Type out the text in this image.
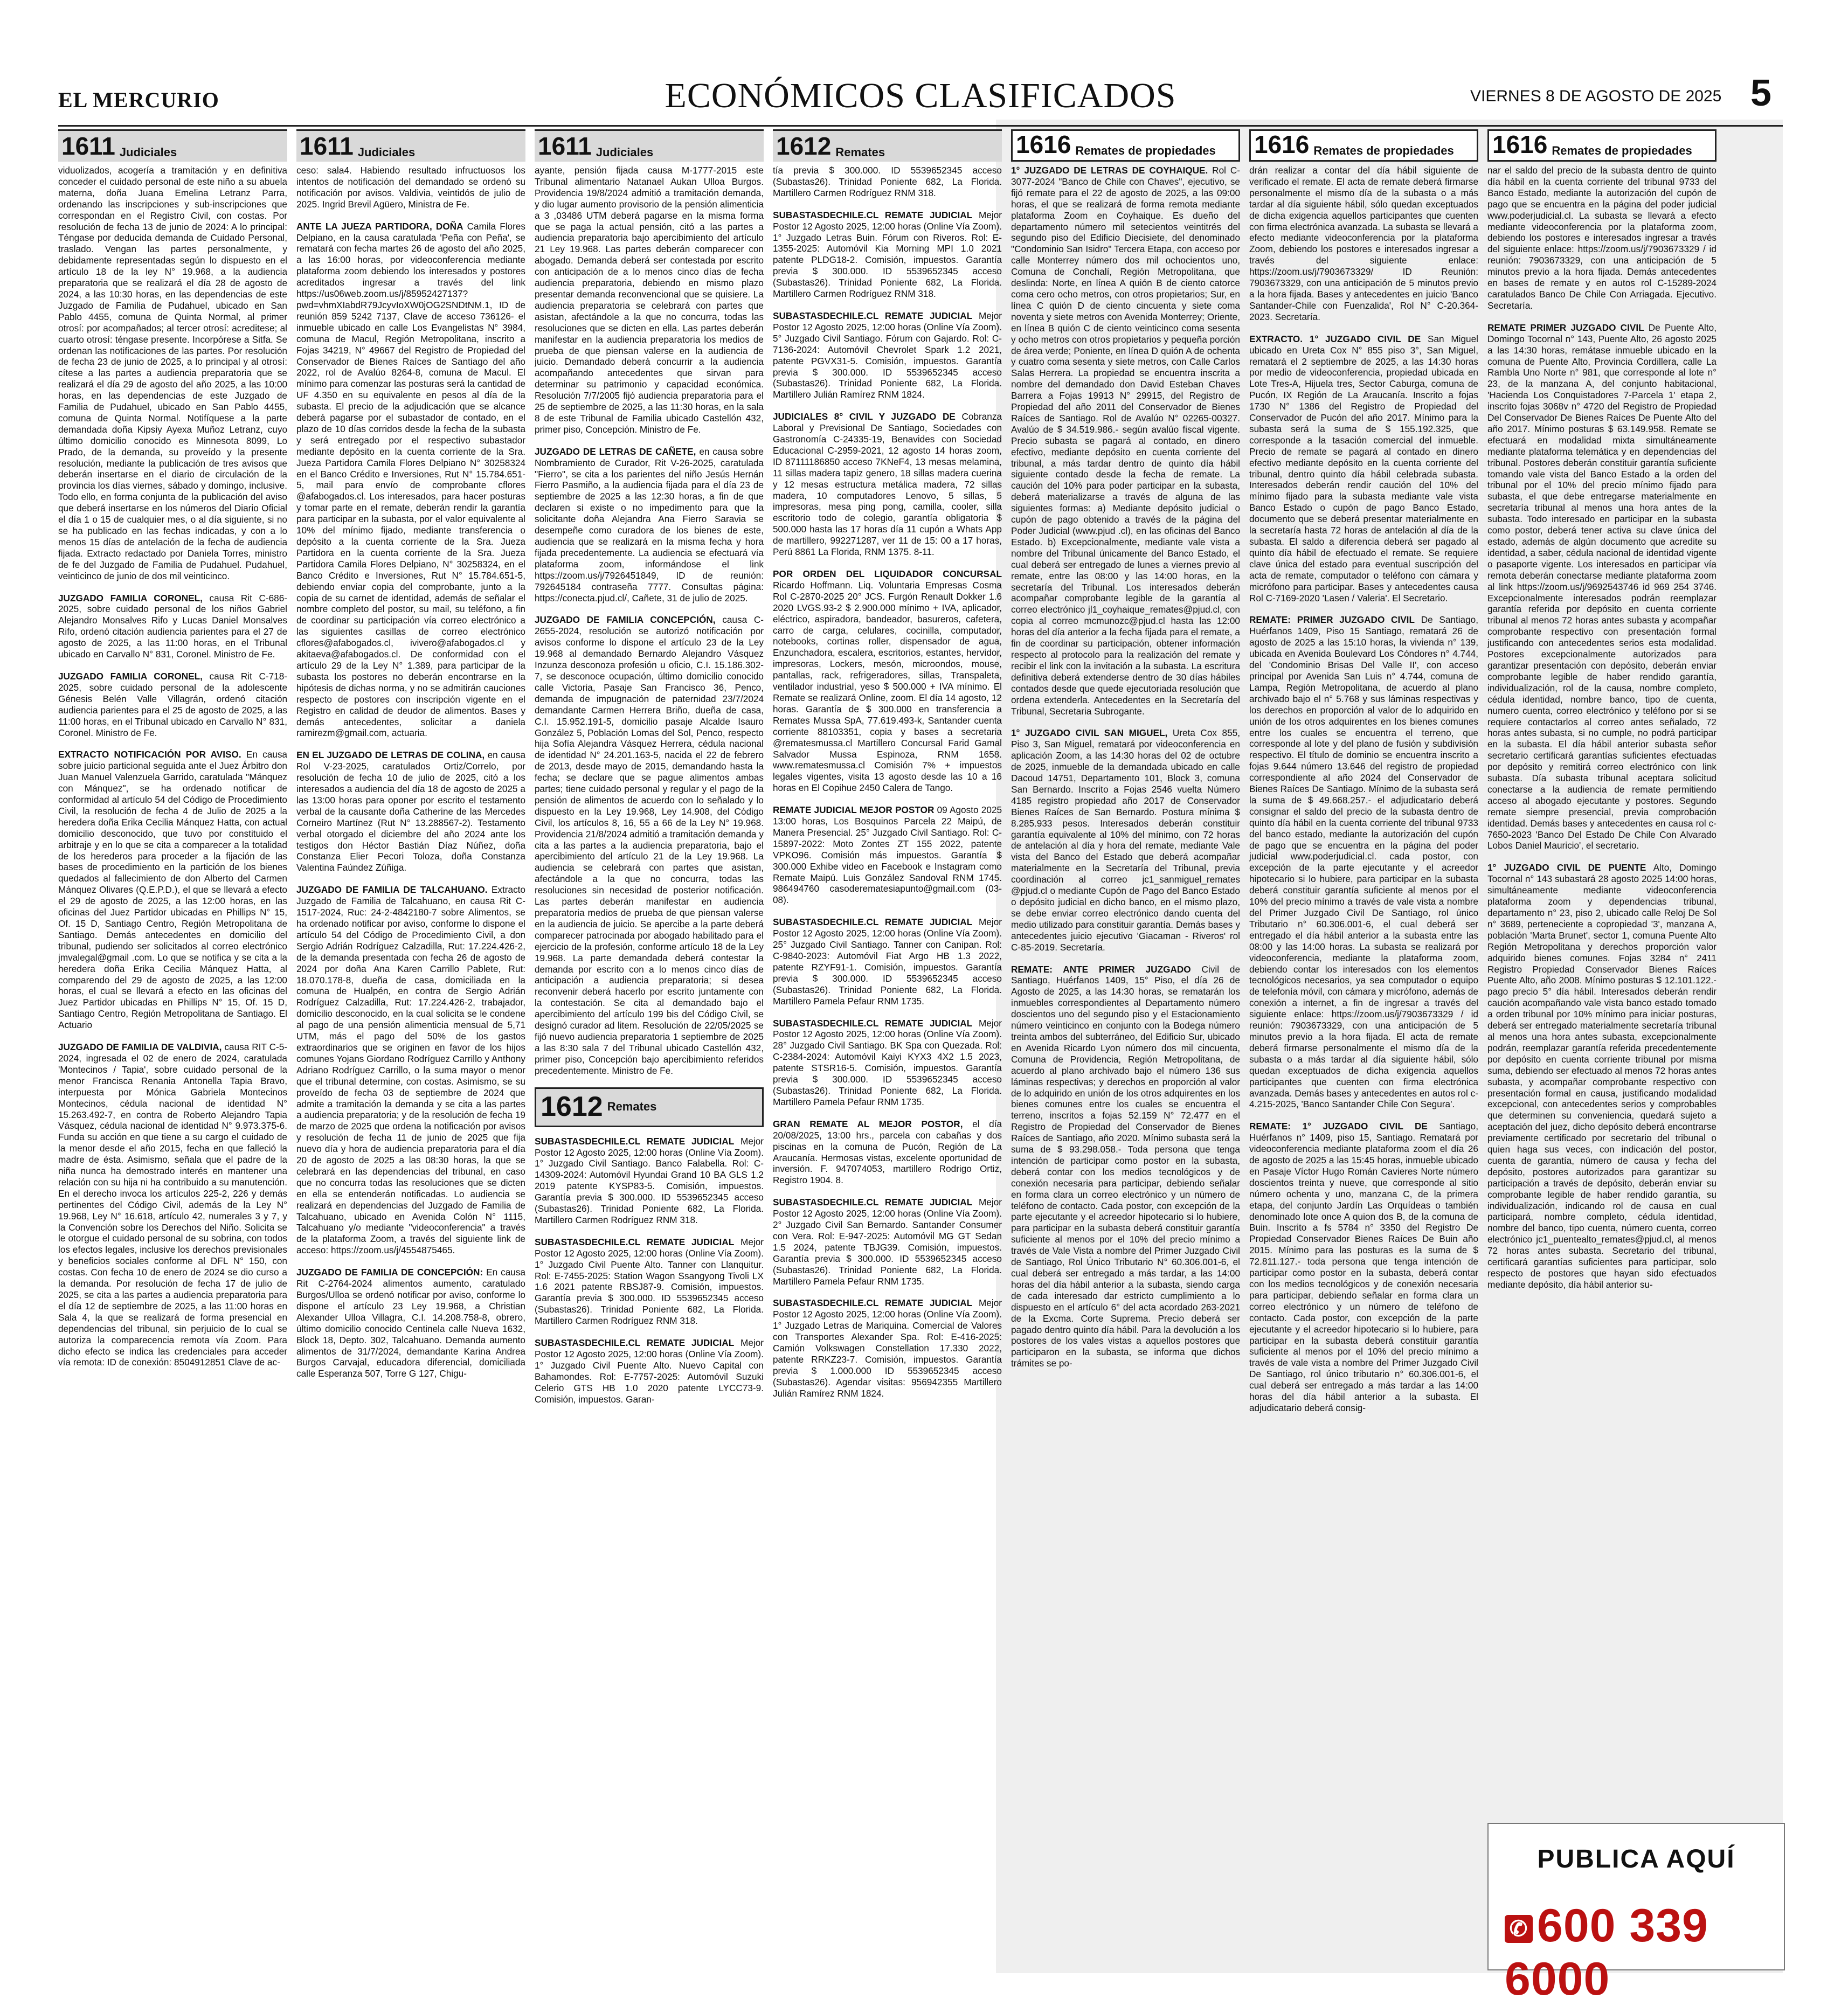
EL MERCURIO	ECONÓMICOS CLASIFICADOS	VIERNES 8 DE AGOSTO DE 2025 5
1611 Judiciales

viduolizados, acogería a tramitación y en definitiva conceder el cuidado personal de este niño a su abuela materna, doña Juana Emelina Letranz Parra, ordenando las inscripciones y sub-inscripciones que correspondan en el Registro Civil, con costas. Por resolución de fecha 13 de junio de 2024: A lo principal: Téngase por deducida demanda de Cuidado Personal, traslado. Vengan las partes personalmente, y debidamente representadas según lo dispuesto en el artículo 18 de la ley N° 19.968, a la audiencia preparatoria que se realizará el día 28 de agosto de 2024, a las 10:30 horas, en las dependencias de este Juzgado de Familia de Pudahuel, ubicado en San Pablo 4455, comuna de Quinta Normal, al primer otrosí: por acompañados; al tercer otrosí: acreditese; al cuarto otrosí: téngase presente. Incorpórese a Sitfa. Se ordenan las notificaciones de las partes. Por resolución de fecha 23 de junio de 2025, a lo principal y al otrosí: cítese a las partes a audiencia preparatoria que se realizará el día 29 de agosto del año 2025, a las 10:00 horas, en las dependencias de este Juzgado de Familia de Pudahuel, ubicado en San Pablo 4455, comuna de Quinta Normal. Notifíquese a la parte demandada doña Kipsiy Ayexa Muñoz Letranz, cuyo último domicilio conocido es Minnesota 8099, Lo Prado, de la demanda, su proveído y la presente resolución, mediante la publicación de tres avisos que deberán insertarse en el diario de circulación de la provincia los días viernes, sábado y domingo, inclusive. Todo ello, en forma conjunta de la publicación del aviso que deberá insertarse en los números del Diario Oficial el día 1 o 15 de cualquier mes, o al día siguiente, si no se ha publicado en las fechas indicadas, y con a lo menos 15 días de antelación de la fecha de audiencia fijada. Extracto redactado por Daniela Torres, ministro de fe del Juzgado de Familia de Pudahuel. Pudahuel, veinticinco de junio de dos mil veinticinco.

JUZGADO FAMILIA CORONEL, causa Rit C-686-2025, sobre cuidado personal de los niños Gabriel Alejandro Monsalves Rifo y Lucas Daniel Monsalves Rifo, ordenó citación audiencia parientes para el 27 de agosto de 2025, a las 11:00 horas, en el Tribunal ubicado en Carvallo N° 831, Coronel. Ministro de Fe.

JUZGADO FAMILIA CORONEL, causa Rit C-718-2025, sobre cuidado personal de la adolescente Génesis Belén Valle Villagrán, ordenó citación audiencia parientes para el 25 de agosto de 2025, a las 11:00 horas, en el Tribunal ubicado en Carvallo N° 831, Coronel. Ministro de Fe.

EXTRACTO NOTIFICACIÓN POR AVISO. En causa sobre juicio particional seguida ante el Juez Árbitro don Juan Manuel Valenzuela Garrido, caratulada "Mánquez con Mánquez", se ha ordenado notificar de conformidad al artículo 54 del Código de Procedimiento Civil, la resolución de fecha 4 de Julio de 2025 a la heredera doña Erika Cecilia Mánquez Hatta, con actual domicilio desconocido, que tuvo por constituido el arbitraje y en lo que se cita a comparecer a la totalidad de los herederos para proceder a la fijación de las bases de procedimiento en la partición de los bienes quedados al fallecimiento de don Alberto del Carmen Mánquez Olivares (Q.E.P.D.), el que se llevará a efecto el 29 de agosto de 2025, a las 12:00 horas, en las oficinas del Juez Partidor ubicadas en Phillips N° 15, Of. 15 D, Santiago Centro, Región Metropolitana de Santiago. Demás antecedentes en domicilio del tribunal, pudiendo ser solicitados al correo electrónico jmvalegal@gmail .com. Lo que se notifica y se cita a la heredera doña Erika Cecilia Mánquez Hatta, al comparendo del 29 de agosto de 2025, a las 12:00 horas, el cual se llevará a efecto en las oficinas del Juez Partidor ubicadas en Phillips N° 15, Of. 15 D, Santiago Centro, Región Metropolitana de Santiago. El Actuario

JUZGADO DE FAMILIA DE VALDIVIA, causa RIT C-5-2024, ingresada el 02 de enero de 2024, caratulada 'Montecinos / Tapia', sobre cuidado personal de la menor Francisca Renania Antonella Tapia Bravo, interpuesta por Mónica Gabriela Montecinos Montecinos, cédula nacional de identidad N° 15.263.492-7, en contra de Roberto Alejandro Tapia Vásquez, cédula nacional de identidad N° 9.973.375-6. Funda su acción en que tiene a su cargo el cuidado de la menor desde el año 2015, fecha en que falleció la madre de ésta. Asimismo, señala que el padre de la niña nunca ha demostrado interés en mantener una relación con su hija ni ha contribuido a su manutención. En el derecho invoca los artículos 225-2, 226 y demás pertinentes del Código Civil, además de la Ley N° 19.968, Ley N° 16.618, artículo 42, numerales 3 y 7, y la Convención sobre los Derechos del Niño. Solicita se le otorgue el cuidado personal de su sobrina, con todos los efectos legales, inclusive los derechos previsionales y beneficios sociales conforme al DFL N° 150, con costas. Con fecha 10 de enero de 2024 se dio curso a la demanda. Por resolución de fecha 17 de julio de 2025, se cita a las partes a audiencia preparatoria para el día 12 de septiembre de 2025, a las 11:00 horas en Sala 4, la que se realizará de forma presencial en dependencias del tribunal, sin perjuicio de lo cual se autoriza la comparecencia remota vía Zoom. Para dicho efecto se indica las credenciales para acceder vía remota: ID de conexión: 8504912851 Clave de ac-

1611 Judiciales

ceso: sala4. Habiendo resultado infructuosos los intentos de notificación del demandado se ordenó su notificación por avisos. Valdivia, veintidós de julio de 2025. Ingrid Brevil Agüero, Ministra de Fe.

ANTE LA JUEZA PARTIDORA, DOÑA Camila Flores Delpiano, en la causa caratulada 'Peña con Peña', se rematará con fecha martes 26 de agosto del año 2025, a las 16:00 horas, por videoconferencia mediante plataforma zoom debiendo los interesados y postores acreditados ingresar a través del link https://us06web.zoom.us/j/85952427137?pwd=vhmXIabdR79JcyvIoXW0jOG2SNDtNM.1, ID de reunión 859 5242 7137, Clave de acceso 736126- el inmueble ubicado en calle Los Evangelistas N° 3984, comuna de Macul, Región Metropolitana, inscrito a Fojas 34219, N° 49667 del Registro de Propiedad del Conservador de Bienes Raíces de Santiago del año 2022, rol de Avalúo 8264-8, comuna de Macul. El mínimo para comenzar las posturas será la cantidad de UF 4.350 en su equivalente en pesos al día de la subasta. El precio de la adjudicación que se alcance deberá pagarse por el subastador de contado, en el plazo de 10 días corridos desde la fecha de la subasta y será entregado por el respectivo subastador mediante depósito en la cuenta corriente de la Sra. Jueza Partidora Camila Flores Delpiano N° 30258324 en el Banco Crédito e Inversiones, Rut N° 15.784.651-5, mail para envío de comprobante cflores @afabogados.cl. Los interesados, para hacer posturas y tomar parte en el remate, deberán rendir la garantía para participar en la subasta, por el valor equivalente al 10% del mínimo fijado, mediante transferencia o depósito a la cuenta corriente de la Sra. Jueza Partidora en la cuenta corriente de la Sra. Jueza Partidora Camila Flores Delpiano, N° 30258324, en el Banco Crédito e Inversiones, Rut N° 15.784.651-5, debiendo enviar copia del comprobante, junto a la copia de su carnet de identidad, además de señalar el nombre completo del postor, su mail, su teléfono, a fin de coordinar su participación vía correo electrónico a las siguientes casillas de correo electrónico cflores@afabogados.cl, ivivero@afabogados.cl y akitaeva@afabogados.cl. De conformidad con el artículo 29 de la Ley N° 1.389, para participar de la subasta los postores no deberán encontrarse en la hipótesis de dichas norma, y no se admitirán cauciones respecto de postores con inscripción vigente en el Registro en calidad de deudor de alimentos. Bases y demás antecedentes, solicitar a daniela ramirezm@gmail.com, actuaria.

EN EL JUZGADO DE LETRAS DE COLINA, en causa Rol V-23-2025, caratulados Ortiz/Correlo, por resolución de fecha 10 de julio de 2025, citó a los interesados a audiencia del día 18 de agosto de 2025 a las 13:00 horas para oponer por escrito el testamento verbal de la causante doña Catherine de las Mercedes Corneiro Martínez (Rut N° 13.288567-2). Testamento verbal otorgado el diciembre del año 2024 ante los testigos don Héctor Bastián Díaz Núñez, doña Constanza Elier Pecori Toloza, doña Constanza Valentina Faúndez Zúñiga.

JUZGADO DE FAMILIA DE TALCAHUANO. Extracto Juzgado de Familia de Talcahuano, en causa Rit C-1517-2024, Ruc: 24-2-4842180-7 sobre Alimentos, se ha ordenado notificar por aviso, conforme lo dispone el artículo 54 del Código de Procedimiento Civil, a don Sergio Adrián Rodríguez Calzadilla, Rut: 17.224.426-2, de la demanda presentada con fecha 26 de agosto de 2024 por doña Ana Karen Carrillo Pablete, Rut: 18.070.178-8, dueña de casa, domiciliada en la comuna de Hualpén, en contra de Sergio Adrián Rodríguez Calzadilla, Rut: 17.224.426-2, trabajador, domicilio desconocido, en la cual solicita se le condene al pago de una pensión alimenticia mensual de 5,71 UTM, más el pago del 50% de los gastos extraordinarios que se originen en favor de los hijos comunes Yojans Giordano Rodríguez Carrillo y Anthony Adriano Rodríguez Carrillo, o la suma mayor o menor que el tribunal determine, con costas. Asimismo, se su proveído de fecha 03 de septiembre de 2024 que admite a tramitación la demanda y se cita a las partes a audiencia preparatoria; y de la resolución de fecha 19 de marzo de 2025 que ordena la notificación por avisos y resolución de fecha 11 de junio de 2025 que fija nuevo día y hora de audiencia preparatoria para el día 20 de agosto de 2025 a las 08:30 horas, la que se celebrará en las dependencias del tribunal, en caso que no concurra todas las resoluciones que se dicten en ella se entenderán notificadas. Lo audiencia se realizará en dependencias del Juzgado de Familia de Talcahuano, ubicado en Avenida Colón N° 1115, Talcahuano y/o mediante "videoconferencia" a través de la plataforma Zoom, a través del siguiente link de acceso: https://zoom.us/j/4554875465.

JUZGADO DE FAMILIA DE CONCEPCIÓN: En causa Rit C-2764-2024 alimentos aumento, caratulado Burgos/Ulloa se ordenó notificar por aviso, conforme lo dispone el artículo 23 Ley 19.968, a Christian Alexander Ulloa Villagra, C.I. 14.208.758-8, obrero, último domicilio conocido Centinela calle Nueva 1632, Block 18, Depto. 302, Talcahuano. Demanda aumento alimentos de 31/7/2024, demandante Karina Andrea Burgos Carvajal, educadora diferencial, domiciliada calle Esperanza 507, Torre G 127, Chigu-

1611 Judiciales

ayante, pensión fijada causa M-1777-2015 este Tribunal alimentario Natanael Aukan Ulloa Burgos. Providencia 19/8/2024 admitió a tramitación demanda, y dio lugar aumento provisorio de la pensión alimenticia a 3 ,03486 UTM deberá pagarse en la misma forma que se paga la actual pensión, citó a las partes a audiencia preparatoria bajo apercibimiento del artículo 21 Ley 19.968. Las partes deberán comparecer con abogado. Demanda deberá ser contestada por escrito con anticipación de a lo menos cinco días de fecha audiencia preparatoria, debiendo en mismo plazo presentar demanda reconvencional que se quisiere. La audiencia preparatoria se celebrará con partes que asistan, afectándole a la que no concurra, todas las resoluciones que se dicten en ella. Las partes deberán manifestar en la audiencia preparatoria los medios de prueba de que piensan valerse en la audiencia de juicio. Demandado deberá concurrir a la audiencia acompañando antecedentes que sirvan para determinar su patrimonio y capacidad económica. Resolución 7/7/2005 fijó audiencia preparatoria para el 25 de septiembre de 2025, a las 11:30 horas, en la sala 8 de este Tribunal de Familia ubicado Castellón 432, primer piso, Concepción. Ministro de Fe.

JUZGADO DE LETRAS DE CAÑETE, en causa sobre Nombramiento de Curador, Rit V-26-2025, caratulada "Fierro", se cita a los parientes del niño Jesús Hernán Fierro Pasmiño, a la audiencia fijada para el día 23 de septiembre de 2025 a las 12:30 horas, a fin de que declaren si existe o no impedimento para que la solicitante doña Alejandra Ana Fierro Saravia se desempeñe como curadora de los bienes de este, audiencia que se realizará en la misma fecha y hora fijada precedentemente. La audiencia se efectuará vía plataforma zoom, informándose el link https://zoom.us/j/7926451849, ID de reunión: 792645184 contraseña 7777. Consultas página: https://conecta.pjud.cl/, Cañete, 31 de julio de 2025.

JUZGADO DE FAMILIA CONCEPCIÓN, causa C-2655-2024, resolución se autorizó notificación por avisos conforme lo dispone el artículo 23 de la Ley 19.968 al demandado Bernardo Alejandro Vásquez Inzunza desconoza profesión u oficio, C.I. 15.186.302-7, se desconoce ocupación, último domicilio conocido calle Victoria, Pasaje San Francisco 36, Penco, demanda de impugnación de paternidad 23/7/2024 demandante Carmen Herrera Briño, dueña de casa, C.I. 15.952.191-5, domicilio pasaje Alcalde Isauro González 5, Población Lomas del Sol, Penco, respecto hija Sofía Alejandra Vásquez Herrera, cédula nacional de identidad N° 24.201.163-5, nacida el 22 de febrero de 2013, desde mayo de 2015, demandando hasta la fecha; se declare que se pague alimentos ambas partes; tiene cuidado personal y regular y el pago de la pensión de alimentos de acuerdo con lo señalado y lo dispuesto en la Ley 19.968, Ley 14.908, del Código Civil, los artículos 8, 16, 55 a 66 de la Ley N° 19.968. Providencia 21/8/2024 admitió a tramitación demanda y cita a las partes a la audiencia preparatoria, bajo el apercibimiento del artículo 21 de la Ley 19.968. La audiencia se celebrará con partes que asistan, afectándole a la que no concurra, todas las resoluciones sin necesidad de posterior notificación. Las partes deberán manifestar en audiencia preparatoria medios de prueba de que piensan valerse en la audiencia de juicio. Se apercibe a la parte deberá comparecer patrocinada por abogado habilitado para el ejercicio de la profesión, conforme artículo 18 de la Ley 19.968. La parte demandada deberá contestar la demanda por escrito con a lo menos cinco días de anticipación a audiencia preparatoria; si desea reconvenir deberá hacerlo por escrito juntamente con la contestación. Se cita al demandado bajo el apercibimiento del artículo 199 bis del Código Civil, se designó curador ad litem. Resolución de 22/05/2025 se fijó nuevo audiencia preparatoria 1 septiembre de 2025 a las 8:30 sala 7 del Tribunal ubicado Castellón 432, primer piso, Concepción bajo apercibimiento referidos precedentemente. Ministro de Fe.

1612 Remates

SUBASTASDECHILE.CL REMATE JUDICIAL Mejor Postor 12 Agosto 2025, 12:00 horas (Online Vía Zoom). 1° Juzgado Civil Santiago. Banco Falabella. Rol: C-14309-2024: Automóvil Hyundai Grand 10 BA GLS 1.2 2019 patente KYSP83-5. Comisión, impuestos. Garantía previa $ 300.000. ID 5539652345 acceso (Subastas26). Trinidad Poniente 682, La Florida. Martillero Carmen Rodríguez RNM 318.

SUBASTASDECHILE.CL REMATE JUDICIAL Mejor Postor 12 Agosto 2025, 12:00 horas (Online Vía Zoom). 1° Juzgado Civil Puente Alto. Tanner con Llanquitur. Rol: E-7455-2025: Station Wagon Ssangyong Tivoli LX 1.6 2021 patente RBSJ87-9. Comisión, impuestos. Garantía previa $ 300.000. ID 5539652345 acceso (Subastas26). Trinidad Poniente 682, La Florida. Martillero Carmen Rodríguez RNM 318.

SUBASTASDECHILE.CL REMATE JUDICIAL Mejor Postor 12 Agosto 2025, 12:00 horas (Online Vía Zoom). 1° Juzgado Civil Puente Alto. Nuevo Capital con Bahamondes. Rol: E-7757-2025: Automóvil Suzuki Celerio GTS HB 1.0 2020 patente LYCC73-9. Comisión, impuestos. Garan-

1612 Remates

tía previa $ 300.000. ID 5539652345 acceso (Subastas26). Trinidad Poniente 682, La Florida. Martillero Carmen Rodríguez RNM 318.

SUBASTASDECHILE.CL REMATE JUDICIAL Mejor Postor 12 Agosto 2025, 12:00 horas (Online Vía Zoom). 1° Juzgado Letras Buin. Fórum con Riveros. Rol: E-1355-2025: Automóvil Kia Morning MPI 1.0 2021 patente PLDG18-2. Comisión, impuestos. Garantía previa $ 300.000. ID 5539652345 acceso (Subastas26). Trinidad Poniente 682, La Florida. Martillero Carmen Rodríguez RNM 318.

SUBASTASDECHILE.CL REMATE JUDICIAL Mejor Postor 12 Agosto 2025, 12:00 horas (Online Vía Zoom). 5° Juzgado Civil Santiago. Fórum con Gajardo. Rol: C-7136-2024: Automóvil Chevrolet Spark 1.2 2021, patente PGVX31-5. Comisión, impuestos. Garantía previa $ 300.000. ID 5539652345 acceso (Subastas26). Trinidad Poniente 682, La Florida. Martillero Julián Ramírez RNM 1824.

JUDICIALES 8° CIVIL Y JUZGADO DE Cobranza Laboral y Previsional De Santiago, Sociedades con Gastronomía C-24335-19, Benavides con Sociedad Educacional C-2959-2021, 12 agosto 14 horas zoom, ID 87111186850 acceso 7KNeF4, 13 mesas melamina, 11 sillas madera tapiz genero, 18 sillas madera cuerina y 12 mesas estructura metálica madera, 72 sillas madera, 10 computadores Lenovo, 5 sillas, 5 impresoras, mesa ping pong, camilla, cooler, silla escritorio todo de colegio, garantía obligatoria $ 500.000 hasta las 17 horas día 11 cupón a Whats App de martillero, 992271287, ver 11 de 15: 00 a 17 horas, Perú 8861 La Florida, RNM 1375. 8-11.

POR ORDEN DEL LIQUIDADOR CONCURSAL Ricardo Hoffmann. Liq. Voluntaria Empresas Cosma Rol C-2870-2025 20° JCS. Furgón Renault Dokker 1.6 2020 LVGS.93-2 $ 2.900.000 mínimo + IVA, aplicador, eléctrico, aspiradora, bandeador, basureros, cafetera, carro de carga, celulares, cocinilla, computador, notebooks, cortinas roller, dispensador de agua, Enzunchadora, escalera, escritorios, estantes, hervidor, impresoras, Lockers, mesón, microondos, mouse, pantallas, rack, refrigeradores, sillas, Transpaleta, ventilador industrial, yeso $ 500.000 + IVA mínimo. El Remate se realizará Online, zoom. El día 14 agosto, 12 horas. Garantía de $ 300.000 en transferencia a Remates Mussa SpA, 77.619.493-k, Santander cuenta corriente 88103351, copia y bases a secretaria @rematesmussa.cl Martillero Concursal Farid Gamal Salvador Mussa Espinoza, RNM 1658. www.rematesmussa.cl Comisión 7% + impuestos legales vigentes, visita 13 agosto desde las 10 a 16 horas en El Copihue 2450 Calera de Tango.

REMATE JUDICIAL MEJOR POSTOR 09 Agosto 2025 13:00 horas, Los Bosquinos Parcela 22 Maipú, de Manera Presencial. 25° Juzgado Civil Santiago. Rol: C-15897-2022: Moto Zontes ZT 155 2022, patente VPKO96. Comisión más impuestos. Garantía $ 300.000 Exhibe video en Facebook e Instagram como Remate Maipú. Luis González Sandoval RNM 1745. 986494760 casoderematesiapunto@gmail.com (03-08).

SUBASTASDECHILE.CL REMATE JUDICIAL Mejor Postor 12 Agosto 2025, 12:00 horas (Online Vía Zoom). 25° Juzgado Civil Santiago. Tanner con Canipan. Rol: C-9840-2023: Automóvil Fiat Argo HB 1.3 2022, patente RZYF91-1. Comisión, impuestos. Garantía previa $ 300.000. ID 5539652345 acceso (Subastas26). Trinidad Poniente 682, La Florida. Martillero Pamela Pefaur RNM 1735.

SUBASTASDECHILE.CL REMATE JUDICIAL Mejor Postor 12 Agosto 2025, 12:00 horas (Online Vía Zoom). 28° Juzgado Civil Santiago. BK Spa con Quezada. Rol: C-2384-2024: Automóvil Kaiyi KYX3 4X2 1.5 2023, patente STSR16-5. Comisión, impuestos. Garantía previa $ 300.000. ID 5539652345 acceso (Subastas26). Trinidad Poniente 682, La Florida. Martillero Pamela Pefaur RNM 1735.

GRAN REMATE AL MEJOR POSTOR, el día 20/08/2025, 13:00 hrs., parcela con cabañas y dos piscinas en la comuna de Pucón, Región de La Araucanía. Hermosas vistas, excelente oportunidad de inversión. F. 947074053, martillero Rodrigo Ortiz, Registro 1904. 8.

SUBASTASDECHILE.CL REMATE JUDICIAL Mejor Postor 12 Agosto 2025, 12:00 horas (Online Vía Zoom). 2° Juzgado Civil San Bernardo. Santander Consumer con Vera. Rol: E-947-2025: Automóvil MG GT Sedan 1.5 2024, patente TBJG39. Comisión, impuestos. Garantía previa $ 300.000. ID 5539652345 acceso (Subastas26). Trinidad Poniente 682, La Florida. Martillero Pamela Pefaur RNM 1735.

SUBASTASDECHILE.CL REMATE JUDICIAL Mejor Postor 12 Agosto 2025, 12:00 horas (Online Vía Zoom). 1° Juzgado Letras de Mariquina. Comercial de Valores con Transportes Alexander Spa. Rol: E-416-2025: Camión Volkswagen Constellation 17.330 2022, patente RRKZ23-7. Comisión, impuestos. Garantía previa $ 1.000.000 ID 5539652345 acceso (Subastas26). Agendar visitas: 956942355 Martillero Julián Ramírez RNM 1824.

1616 Remates de propiedades

1° JUZGADO DE LETRAS DE COYHAIQUE. Rol C-3077-2024 "Banco de Chile con Chaves", ejecutivo, se fijó remate para el 22 de agosto de 2025, a las 09:00 horas, el que se realizará de forma remota mediante plataforma Zoom en Coyhaique. Es dueño del departamento número mil setecientos veintitrés del segundo piso del Edificio Diecisiete, del denominado "Condominio San Isidro" Tercera Etapa, con acceso por calle Monterrey número dos mil ochocientos uno, Comuna de Conchalí, Región Metropolitana, que deslinda: Norte, en línea A quión B de ciento catorce coma cero ocho metros, con otros propietarios; Sur, en línea C quión D de ciento cincuenta y siete coma noventa y siete metros con Avenida Monterrey; Oriente, en línea B quión C de ciento veinticinco coma sesenta y ocho metros con otros propietarios y pequeña porción de área verde; Poniente, en línea D quión A de ochenta y cuatro coma sesenta y siete metros, con Calle Carlos Salas Herrera. La propiedad se encuentra inscrita a nombre del demandado don David Esteban Chaves Barrera a Fojas 19913 N° 29915, del Registro de Propiedad del año 2011 del Conservador de Bienes Raíces de Santiago. Rol de Avalúo N° 02265-00327. Avalúo de $ 34.519.986.- según avalúo fiscal vigente. Precio subasta se pagará al contado, en dinero efectivo, mediante depósito en cuenta corriente del tribunal, a más tardar dentro de quinto día hábil siguiente contado desde la fecha de remate. La caución del 10% para poder participar en la subasta, deberá materializarse a través de alguna de las siguientes formas: a) Mediante depósito judicial o cupón de pago obtenido a través de la página del Poder Judicial (www.pjud .cl), en las oficinas del Banco Estado. b) Excepcionalmente, mediante vale vista a nombre del Tribunal únicamente del Banco Estado, el cual deberá ser entregado de lunes a viernes previo al remate, entre las 08:00 y las 14:00 horas, en la secretaría del Tribunal. Los interesados deberán acompañar comprobante legible de la garantía al correo electrónico jl1_coyhaique_remates@pjud.cl, con copia al correo mcmunozc@pjud.cl hasta las 12:00 horas del día anterior a la fecha fijada para el remate, a fin de coordinar su participación, obtener información respecto al protocolo para la realización del remate y recibir el link con la invitación a la subasta. La escritura definitiva deberá extenderse dentro de 30 días hábiles contados desde que quede ejecutoriada resolución que ordena extenderla. Antecedentes en la Secretaría del Tribunal, Secretaria Subrogante.

1° JUZGADO CIVIL SAN MIGUEL, Ureta Cox 855, Piso 3, San Miguel, rematará por videoconferencia en aplicación Zoom, a las 14:30 horas del 02 de octubre de 2025, inmueble de la demandada ubicado en calle Dacoud 14751, Departamento 101, Block 3, comuna San Bernardo. Inscrito a Fojas 2546 vuelta Número 4185 registro propiedad año 2017 de Conservador Bienes Raíces de San Bernardo. Postura mínima $ 8.285.933 pesos. Interesados deberán constituir garantía equivalente al 10% del mínimo, con 72 horas de antelación al día y hora del remate, mediante Vale vista del Banco del Estado que deberá acompañar materialmente en la Secretaría del Tribunal, previa coordinación al correo jc1_sanmiguel_remates @pjud.cl o mediante Cupón de Pago del Banco Estado o depósito judicial en dicho banco, en el mismo plazo, se debe enviar correo electrónico dando cuenta del medio utilizado para constituir garantía. Demás bases y antecedentes juicio ejecutivo 'Giacaman - Riveros' rol C-85-2019. Secretaría.

REMATE: ANTE PRIMER JUZGADO Civil de Santiago, Huérfanos 1409, 15° Piso, el día 26 de Agosto de 2025, a las 14:30 horas, se rematarán los inmuebles correspondientes al Departamento número doscientos uno del segundo piso y el Estacionamiento número veinticinco en conjunto con la Bodega número treinta ambos del subterráneo, del Edificio Sur, ubicado en Avenida Ricardo Lyon número dos mil cincuenta, Comuna de Providencia, Región Metropolitana, de acuerdo al plano archivado bajo el número 136 sus láminas respectivas; y derechos en proporción al valor de lo adquirido en unión de los otros adquirentes en los bienes comunes entre los cuales se encuentra el terreno, inscritos a fojas 52.159 N° 72.477 en el Registro de Propiedad del Conservador de Bienes Raíces de Santiago, año 2020. Mínimo subasta será la suma de $ 93.298.058.- Toda persona que tenga intención de participar como postor en la subasta, deberá contar con los medios tecnológicos y de conexión necesaria para participar, debiendo señalar en forma clara un correo electrónico y un número de teléfono de contacto. Cada postor, con excepción de la parte ejecutante y el acreedor hipotecario si lo hubiere, para participar en la subasta deberá constituir garantía suficiente al menos por el 10% del precio mínimo a través de Vale Vista a nombre del Primer Juzgado Civil de Santiago, Rol Único Tributario N° 60.306.001-6, el cual deberá ser entregado a más tardar, a las 14:00 horas del día hábil anterior a la subasta, siendo carga de cada interesado dar estricto cumplimiento a lo dispuesto en el artículo 6° del acta acordado 263-2021 de la Excma. Corte Suprema. Precio deberá ser pagado dentro quinto día hábil. Para la devolución a los postores de los vales vistas a aquellos postores que participaron en la subasta, se informa que dichos trámites se po-

1616 Remates de propiedades

drán realizar a contar del día hábil siguiente de verificado el remate. El acta de remate deberá firmarse personalmente el mismo día de la subasta o a más tardar al día siguiente hábil, sólo quedan exceptuados de dicha exigencia aquellos participantes que cuenten con firma electrónica avanzada. La subasta se llevará a efecto mediante videoconferencia por la plataforma Zoom, debiendo los postores e interesados ingresar a través del siguiente enlace: https://zoom.us/j/7903673329/ ID Reunión: 7903673329, con una anticipación de 5 minutos previo a la hora fijada. Bases y antecedentes en juicio 'Banco Santander-Chile con Fuenzalida', Rol N° C-20.364-2023. Secretaría.

EXTRACTO. 1° JUZGADO CIVIL DE San Miguel ubicado en Ureta Cox N° 855 piso 3°, San Miguel, rematará el 2 septiembre de 2025, a las 14:30 horas por medio de videoconferencia, propiedad ubicada en Lote Tres-A, Hijuela tres, Sector Caburga, comuna de Pucón, IX Región de La Araucanía. Inscrito a fojas 1730 N° 1386 del Registro de Propiedad del Conservador de Pucón del año 2017. Mínimo para la subasta será la suma de $ 155.192.325, que corresponde a la tasación comercial del inmueble. Precio de remate se pagará al contado en dinero efectivo mediante depósito en la cuenta corriente del tribunal, dentro quinto día hábil celebrada subasta. Interesados deberán rendir caución del 10% del mínimo fijado para la subasta mediante vale vista Banco Estado o cupón de pago Banco Estado, documento que se deberá presentar materialmente en la secretaría hasta 72 horas de antelación al día de la subasta. El saldo a diferencia deberá ser pagado al quinto día hábil de efectuado el remate. Se requiere clave única del estado para eventual suscripción del acta de remate, computador o teléfono con cámara y micrófono para participar. Bases y antecedentes causa Rol C-7169-2020 'Lasen / Valeria'. El Secretario.

REMATE: PRIMER JUZGADO CIVIL De Santiago, Huérfanos 1409, Piso 15 Santiago, rematará 26 de agosto de 2025 a las 15:10 horas, la vivienda n° 139, ubicada en Avenida Boulevard Los Cóndores n° 4.744, del 'Condominio Brisas Del Valle II', con acceso principal por Avenida San Luis n° 4.744, comuna de Lampa, Región Metropolitana, de acuerdo al plano archivado bajo el n° 5.768 y sus láminas respectivas y los derechos en proporción al valor de lo adquirido en unión de los otros adquirentes en los bienes comunes entre los cuales se encuentra el terreno, que corresponde al lote y del plano de fusión y subdivisión respectivo. El título de dominio se encuentra inscrito a fojas 9.644 número 13.646 del registro de propiedad correspondiente al año 2024 del Conservador de Bienes Raíces De Santiago. Mínimo de la subasta será la suma de $ 49.668.257.- el adjudicatario deberá consignar el saldo del precio de la subasta dentro de quinto día hábil en la cuenta corriente del tribunal 9733 del banco estado, mediante la autorización del cupón de pago que se encuentra en la página del poder judicial www.poderjudicial.cl. cada postor, con excepción de la parte ejecutante y el acreedor hipotecario si lo hubiere, para participar en la subasta deberá constituir garantía suficiente al menos por el 10% del precio mínimo a través de vale vista a nombre del Primer Juzgado Civil De Santiago, rol único Tributario n° 60.306.001-6, el cual deberá ser entregado el día hábil anterior a la subasta entre las 08:00 y las 14:00 horas. La subasta se realizará por videoconferencia, mediante la plataforma zoom, debiendo contar los interesados con los elementos tecnológicos necesarios, ya sea computador o equipo de telefonía móvil, con cámara y micrófono, además de conexión a internet, a fin de ingresar a través del siguiente enlace: https://zoom.us/j/7903673329 / id reunión: 7903673329, con una anticipación de 5 minutos previo a la hora fijada. El acta de remate deberá firmarse personalmente el mismo día de la subasta o a más tardar al día siguiente hábil, sólo quedan exceptuados de dicha exigencia aquellos participantes que cuenten con firma electrónica avanzada. Demás bases y antecedentes en autos rol c-4.215-2025, 'Banco Santander Chile Con Segura'.

REMATE: 1° JUZGADO CIVIL DE Santiago, Huérfanos n° 1409, piso 15, Santiago. Rematará por videoconferencia mediante plataforma zoom el día 26 de agosto de 2025 a las 15:45 horas, inmueble ubicado en Pasaje Víctor Hugo Román Cavieres Norte número doscientos treinta y nueve, que corresponde al sitio número ochenta y uno, manzana C, de la primera etapa, del conjunto Jardín Las Orquídeas o también denominado lote once A quion dos B, de la comuna de Buin. Inscrito a fs 5784 n° 3350 del Registro De Propiedad Conservador Bienes Raíces De Buin año 2015. Mínimo para las posturas es la suma de $ 72.811.127.- toda persona que tenga intención de participar como postor en la subasta, deberá contar con los medios tecnológicos y de conexión necesaria para participar, debiendo señalar en forma clara un correo electrónico y un número de teléfono de contacto. Cada postor, con excepción de la parte ejecutante y el acreedor hipotecario si lo hubiere, para participar en la subasta deberá constituir garantía suficiente al menos por el 10% del precio mínimo a través de vale vista a nombre del Primer Juzgado Civil De Santiago, rol único tributario n° 60.306.001-6, el cual deberá ser entregado a más tardar a las 14:00 horas del día hábil anterior a la subasta. El adjudicatario deberá consig-

1616 Remates de propiedades

nar el saldo del precio de la subasta dentro de quinto día hábil en la cuenta corriente del tribunal 9733 del Banco Estado, mediante la autorización del cupón de pago que se encuentra en la página del poder judicial www.poderjudicial.cl. La subasta se llevará a efecto mediante videoconferencia por la plataforma zoom, debiendo los postores e interesados ingresar a través del siguiente enlace: https://zoom.us/j/7903673329 / id reunión: 7903673329, con una anticipación de 5 minutos previo a la hora fijada. Demás antecedentes en bases de remate y en autos rol C-15289-2024 caratulados Banco De Chile Con Arriagada. Ejecutivo. Secretaría.

REMATE PRIMER JUZGADO CIVIL De Puente Alto, Domingo Tocornal n° 143, Puente Alto, 26 agosto 2025 a las 14:30 horas, remátase inmueble ubicado en la comuna de Puente Alto, Provincia Cordillera, calle La Rambla Uno Norte n° 981, que corresponde al lote n° 23, de la manzana A, del conjunto habitacional, 'Hacienda Los Conquistadores 7-Parcela 1' etapa 2, inscrito fojas 3068v n° 4720 del Registro de Propiedad Del Conservador De Bienes Raíces De Puente Alto del año 2017. Mínimo posturas $ 63.149.958. Remate se efectuará en modalidad mixta simultáneamente mediante plataforma telemática y en dependencias del tribunal. Postores deberán constituir garantía suficiente tomando vale vista del Banco Estado a la orden del tribunal por el 10% del precio mínimo fijado para subasta, el que debe entregarse materialmente en secretaría tribunal al menos una hora antes de la subasta. Todo interesado en participar en la subasta como postor, deberá tener activa su clave única del estado, además de algún documento que acredite su identidad, a saber, cédula nacional de identidad vigente o pasaporte vigente. Los interesados en participar vía remota deberán conectarse mediante plataforma zoom al link https://zoom.us/j/9692543746 id 969 254 3746. Excepcionalmente interesados podrán reemplazar garantía referida por depósito en cuenta corriente tribunal al menos 72 horas antes subasta y acompañar comprobante respectivo con presentación formal justificando con antecedentes serios esta modalidad. Postores excepcionalmente autorizados para garantizar presentación con depósito, deberán enviar comprobante legible de haber rendido garantía, individualización, rol de la causa, nombre completo, cédula identidad, nombre banco, tipo de cuenta, numero cuenta, correo electrónico y teléfono por si se requiere contactarlos al correo antes señalado, 72 horas antes subasta, si no cumple, no podrá participar en la subasta. El día hábil anterior subasta señor secretario certificará garantías suficientes efectuadas por depósito y remitirá correo electrónico con link subasta. Día subasta tribunal aceptara solicitud conectarse a la audiencia de remate permitiendo acceso al abogado ejecutante y postores. Segundo remate siempre presencial, previa comprobación identidad. Demás bases y antecedentes en causa rol c-7650-2023 'Banco Del Estado De Chile Con Alvarado Lobos Daniel Mauricio', el secretario.

1° JUZGADO CIVIL DE PUENTE Alto, Domingo Tocornal n° 143 subastará 28 agosto 2025 14:00 horas, simultáneamente mediante videoconferencia plataforma zoom y dependencias tribunal, departamento n° 23, piso 2, ubicado calle Reloj De Sol n° 3689, perteneciente a copropiedad '3', manzana A, población 'Marta Brunet', sector 1, comuna Puente Alto Región Metropolitana y derechos proporción valor adquirido bienes comunes. Fojas 3284 n° 2411 Registro Propiedad Conservador Bienes Raíces Puente Alto, año 2008. Mínimo posturas $ 12.101.122.- pago precio 5° día hábil. Interesados deberán rendir caución acompañando vale vista banco estado tomado a orden tribunal por 10% mínimo para iniciar posturas, deberá ser entregado materialmente secretaría tribunal al menos una hora antes subasta, excepcionalmente podrán, reemplazar garantía referida precedentemente por depósito en cuenta corriente tribunal por misma suma, debiendo ser efectuado al menos 72 horas antes subasta, y acompañar comprobante respectivo con presentación formal en causa, justificando modalidad excepcional, con antecedentes serios y comprobables que determinen su conveniencia, quedará sujeto a aceptación del juez, dicho depósito deberá encontrarse previamente certificado por secretario del tribunal o quien haga sus veces, con indicación del postor, cuenta de garantía, número de causa y fecha del depósito, postores autorizados para garantizar su participación a través de depósito, deberán enviar su comprobante legible de haber rendido garantía, su individualización, indicando rol de causa en cual participará, nombre completo, cédula identidad, nombre del banco, tipo cuenta, número cuenta, correo electrónico jc1_puentealto_remates@pjud.cl, al menos 72 horas antes subasta. Secretario del tribunal, certificará garantías suficientes para participar, solo respecto de postores que hayan sido efectuados mediante depósito, día hábil anterior su-

PUBLICA AQUÍ
✆ 600 339 6000
